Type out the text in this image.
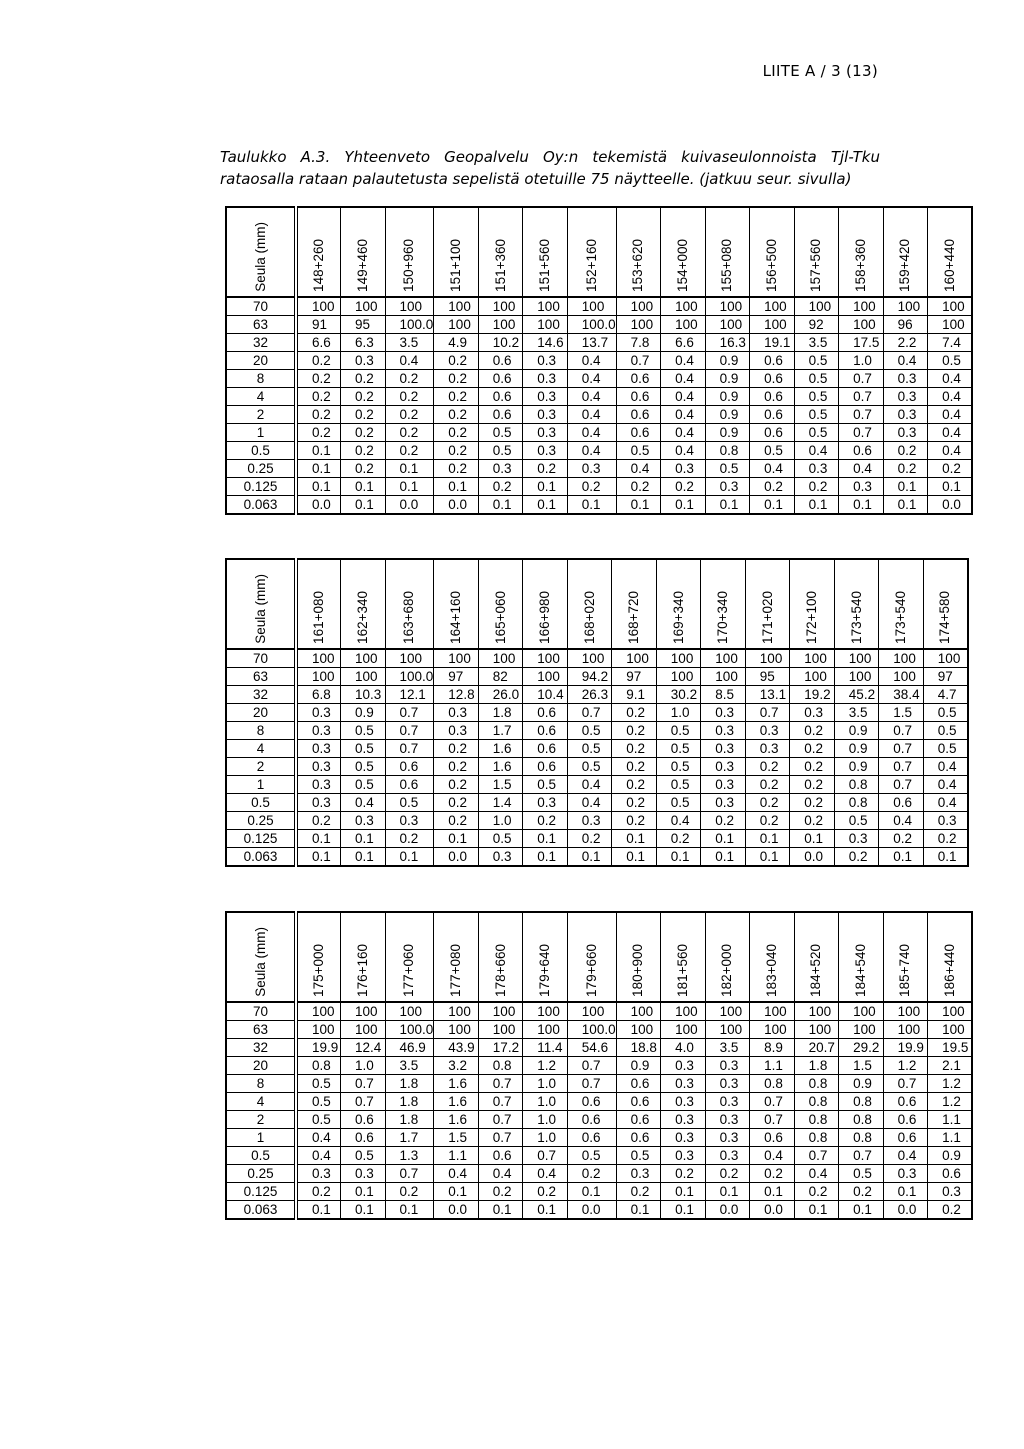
LIITE A / 3 (13)

Taulukko A.3. Yhteenveto Geopalvelu Oy:n tekemistä kuivaseulonnoista Tjl-Tku
rataosalla rataan palautetusta sepelistä otetuille 75 näytteelle. (jatkuu seur. sivulla)

Seula (mm)	148+260	149+460	150+960	151+100	151+360	151+560	152+160	153+620	154+000	155+080	156+500	157+560	158+360	159+420	160+440
70	100	100	100	100	100	100	100	100	100	100	100	100	100	100	100
63	91	95	100.0	100	100	100	100.0	100	100	100	100	92	100	96	100
32	6.6	6.3	3.5	4.9	10.2	14.6	13.7	7.8	6.6	16.3	19.1	3.5	17.5	2.2	7.4
20	0.2	0.3	0.4	0.2	0.6	0.3	0.4	0.7	0.4	0.9	0.6	0.5	1.0	0.4	0.5
8	0.2	0.2	0.2	0.2	0.6	0.3	0.4	0.6	0.4	0.9	0.6	0.5	0.7	0.3	0.4
4	0.2	0.2	0.2	0.2	0.6	0.3	0.4	0.6	0.4	0.9	0.6	0.5	0.7	0.3	0.4
2	0.2	0.2	0.2	0.2	0.6	0.3	0.4	0.6	0.4	0.9	0.6	0.5	0.7	0.3	0.4
1	0.2	0.2	0.2	0.2	0.5	0.3	0.4	0.6	0.4	0.9	0.6	0.5	0.7	0.3	0.4
0.5	0.1	0.2	0.2	0.2	0.5	0.3	0.4	0.5	0.4	0.8	0.5	0.4	0.6	0.2	0.4
0.25	0.1	0.2	0.1	0.2	0.3	0.2	0.3	0.4	0.3	0.5	0.4	0.3	0.4	0.2	0.2
0.125	0.1	0.1	0.1	0.1	0.2	0.1	0.2	0.2	0.2	0.3	0.2	0.2	0.3	0.1	0.1
0.063	0.0	0.1	0.0	0.0	0.1	0.1	0.1	0.1	0.1	0.1	0.1	0.1	0.1	0.1	0.0
Seula (mm)	161+080	162+340	163+680	164+160	165+060	166+980	168+020	168+720	169+340	170+340	171+020	172+100	173+540	173+540	174+580
70	100	100	100	100	100	100	100	100	100	100	100	100	100	100	100
63	100	100	100.0	97	82	100	94.2	97	100	100	95	100	100	100	97
32	6.8	10.3	12.1	12.8	26.0	10.4	26.3	9.1	30.2	8.5	13.1	19.2	45.2	38.4	4.7
20	0.3	0.9	0.7	0.3	1.8	0.6	0.7	0.2	1.0	0.3	0.7	0.3	3.5	1.5	0.5
8	0.3	0.5	0.7	0.3	1.7	0.6	0.5	0.2	0.5	0.3	0.3	0.2	0.9	0.7	0.5
4	0.3	0.5	0.7	0.2	1.6	0.6	0.5	0.2	0.5	0.3	0.3	0.2	0.9	0.7	0.5
2	0.3	0.5	0.6	0.2	1.6	0.6	0.5	0.2	0.5	0.3	0.2	0.2	0.9	0.7	0.4
1	0.3	0.5	0.6	0.2	1.5	0.5	0.4	0.2	0.5	0.3	0.2	0.2	0.8	0.7	0.4
0.5	0.3	0.4	0.5	0.2	1.4	0.3	0.4	0.2	0.5	0.3	0.2	0.2	0.8	0.6	0.4
0.25	0.2	0.3	0.3	0.2	1.0	0.2	0.3	0.2	0.4	0.2	0.2	0.2	0.5	0.4	0.3
0.125	0.1	0.1	0.2	0.1	0.5	0.1	0.2	0.1	0.2	0.1	0.1	0.1	0.3	0.2	0.2
0.063	0.1	0.1	0.1	0.0	0.3	0.1	0.1	0.1	0.1	0.1	0.1	0.0	0.2	0.1	0.1
Seula (mm)	175+000	176+160	177+060	177+080	178+660	179+640	179+660	180+900	181+560	182+000	183+040	184+520	184+540	185+740	186+440
70	100	100	100	100	100	100	100	100	100	100	100	100	100	100	100
63	100	100	100.0	100	100	100	100.0	100	100	100	100	100	100	100	100
32	19.9	12.4	46.9	43.9	17.2	11.4	54.6	18.8	4.0	3.5	8.9	20.7	29.2	19.9	19.5
20	0.8	1.0	3.5	3.2	0.8	1.2	0.7	0.9	0.3	0.3	1.1	1.8	1.5	1.2	2.1
8	0.5	0.7	1.8	1.6	0.7	1.0	0.7	0.6	0.3	0.3	0.8	0.8	0.9	0.7	1.2
4	0.5	0.7	1.8	1.6	0.7	1.0	0.6	0.6	0.3	0.3	0.7	0.8	0.8	0.6	1.2
2	0.5	0.6	1.8	1.6	0.7	1.0	0.6	0.6	0.3	0.3	0.7	0.8	0.8	0.6	1.1
1	0.4	0.6	1.7	1.5	0.7	1.0	0.6	0.6	0.3	0.3	0.6	0.8	0.8	0.6	1.1
0.5	0.4	0.5	1.3	1.1	0.6	0.7	0.5	0.5	0.3	0.3	0.4	0.7	0.7	0.4	0.9
0.25	0.3	0.3	0.7	0.4	0.4	0.4	0.2	0.3	0.2	0.2	0.2	0.4	0.5	0.3	0.6
0.125	0.2	0.1	0.2	0.1	0.2	0.2	0.1	0.2	0.1	0.1	0.1	0.2	0.2	0.1	0.3
0.063	0.1	0.1	0.1	0.0	0.1	0.1	0.0	0.1	0.1	0.0	0.0	0.1	0.1	0.0	0.2
